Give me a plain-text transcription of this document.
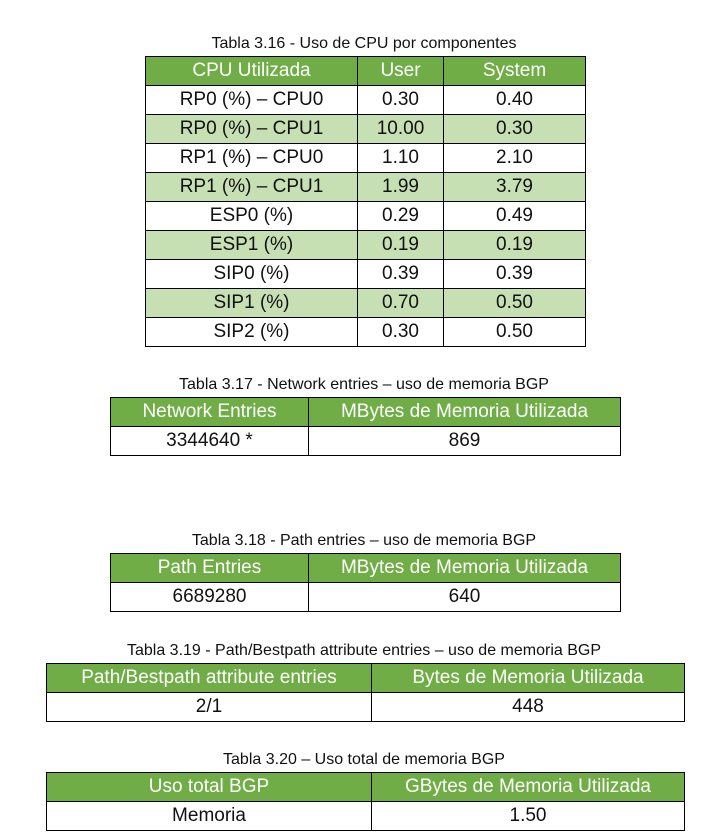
Tabla 3.16 - Uso de CPU por componentes
CPU Utilizada	User	System
RP0 (%) – CPU0	0.30	0.40
RP0 (%) – CPU1	10.00	0.30
RP1 (%) – CPU0	1.10	2.10
RP1 (%) – CPU1	1.99	3.79
ESP0 (%)	0.29	0.49
ESP1 (%)	0.19	0.19
SIP0 (%)	0.39	0.39
SIP1 (%)	0.70	0.50
SIP2 (%)	0.30	0.50
Tabla 3.17 - Network entries – uso de memoria BGP
Network Entries	MBytes de Memoria Utilizada
3344640 *	869
Tabla 3.18 - Path entries – uso de memoria BGP
Path Entries	MBytes de Memoria Utilizada
6689280	640
Tabla 3.19 - Path/Bestpath attribute entries – uso de memoria BGP
Path/Bestpath attribute entries	Bytes de Memoria Utilizada
2/1	448
Tabla 3.20 – Uso total de memoria BGP
Uso total BGP	GBytes de Memoria Utilizada
Memoria	1.50
